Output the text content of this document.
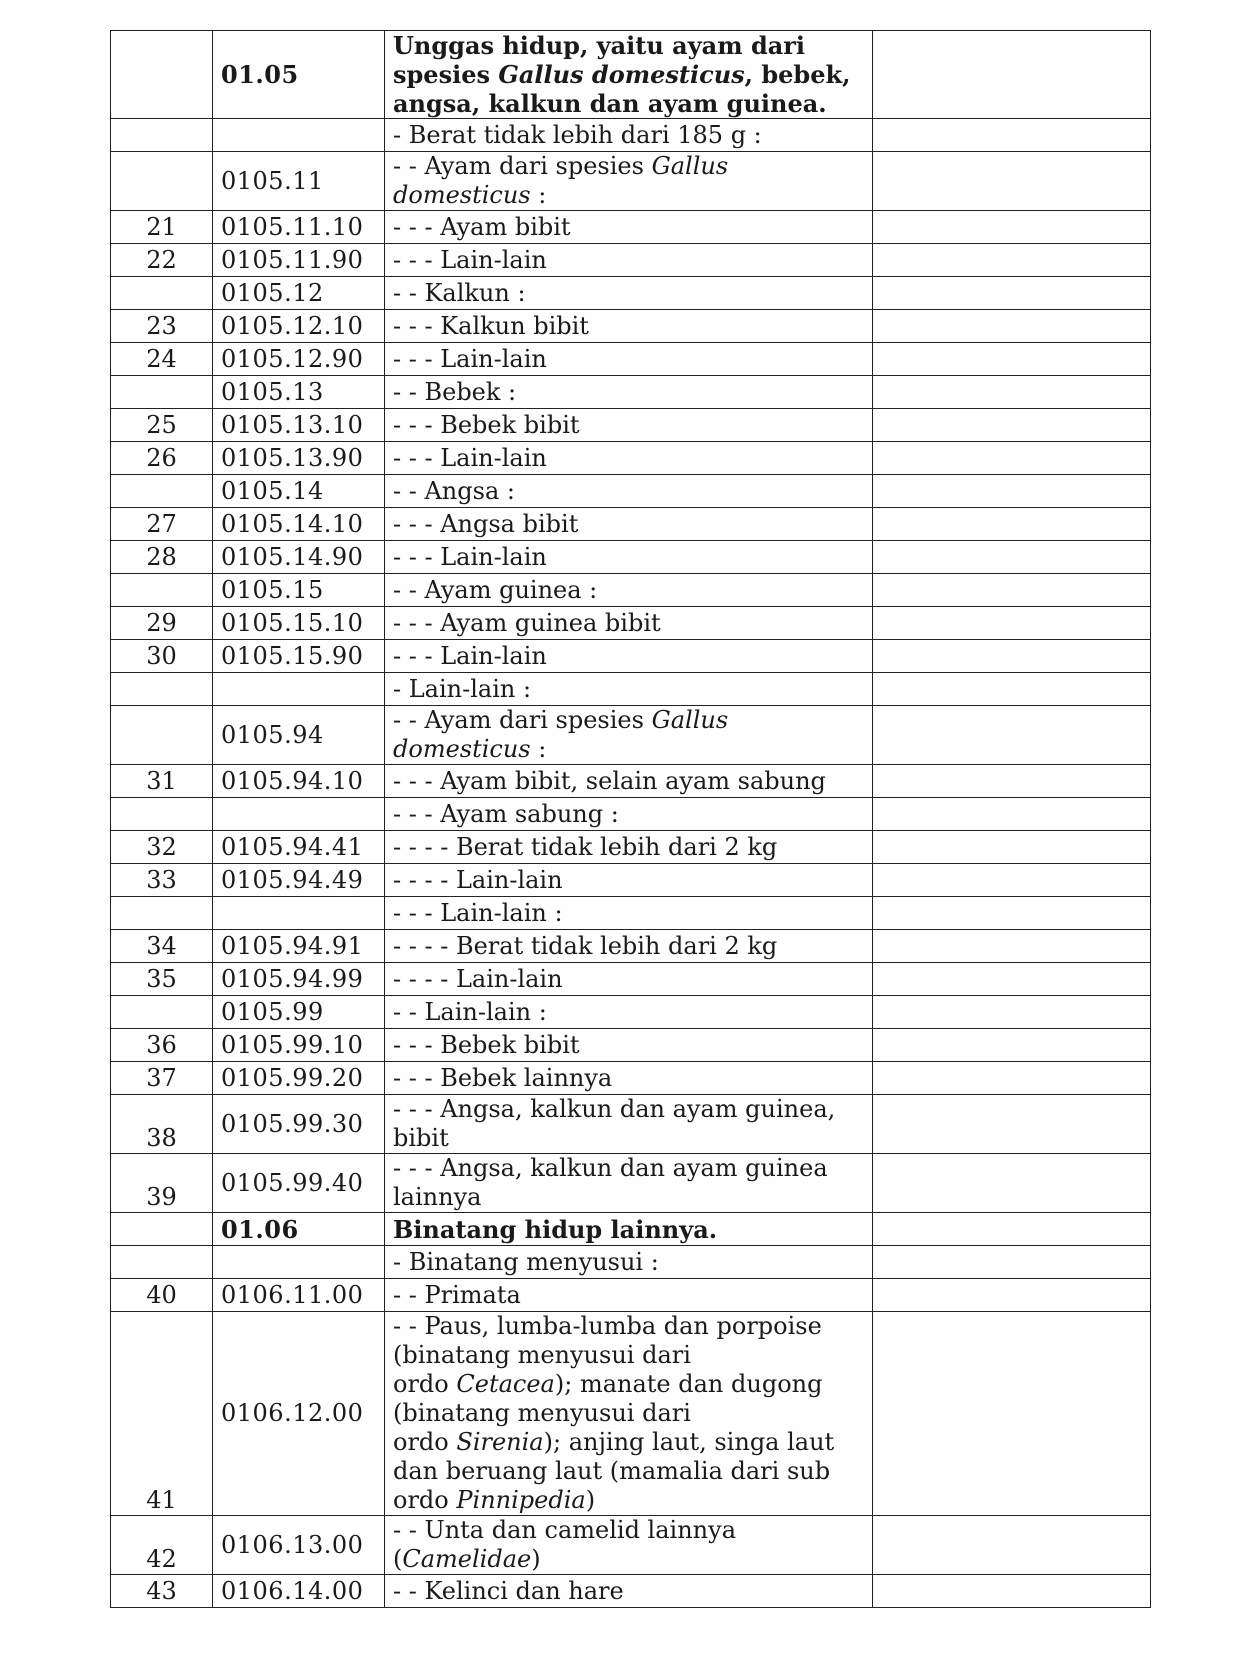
	01.05	Unggas hidup, yaitu ayam dari spesies Gallus domesticus, bebek, angsa, kalkun dan ayam guinea.	
		- Berat tidak lebih dari 185 g :	
	0105.11	- - Ayam dari spesies Gallus domesticus :	
21	0105.11.10	- - - Ayam bibit	
22	0105.11.90	- - - Lain-lain	
	0105.12	- - Kalkun :	
23	0105.12.10	- - - Kalkun bibit	
24	0105.12.90	- - - Lain-lain	
	0105.13	- - Bebek :	
25	0105.13.10	- - - Bebek bibit	
26	0105.13.90	- - - Lain-lain	
	0105.14	- - Angsa :	
27	0105.14.10	- - - Angsa bibit	
28	0105.14.90	- - - Lain-lain	
	0105.15	- - Ayam guinea :	
29	0105.15.10	- - - Ayam guinea bibit	
30	0105.15.90	- - - Lain-lain	
		- Lain-lain :	
	0105.94	- - Ayam dari spesies Gallus domesticus :	
31	0105.94.10	- - - Ayam bibit, selain ayam sabung	
		- - - Ayam sabung :	
32	0105.94.41	- - - - Berat tidak lebih dari 2 kg	
33	0105.94.49	- - - - Lain-lain	
		- - - Lain-lain :	
34	0105.94.91	- - - - Berat tidak lebih dari 2 kg	
35	0105.94.99	- - - - Lain-lain	
	0105.99	- - Lain-lain :	
36	0105.99.10	- - - Bebek bibit	
37	0105.99.20	- - - Bebek lainnya	
38	0105.99.30	- - - Angsa, kalkun dan ayam guinea, bibit	
39	0105.99.40	- - - Angsa, kalkun dan ayam guinea lainnya	
	01.06	Binatang hidup lainnya.	
		- Binatang menyusui :	
40	0106.11.00	- - Primata	
41	0106.12.00	- - Paus, lumba-lumba dan porpoise (binatang menyusui dari
ordo Cetacea); manate dan dugong (binatang menyusui dari
ordo Sirenia); anjing laut, singa laut dan beruang laut (mamalia dari sub ordo Pinnipedia)	
42	0106.13.00	- - Unta dan camelid lainnya (Camelidae)	
43	0106.14.00	- - Kelinci dan hare	
